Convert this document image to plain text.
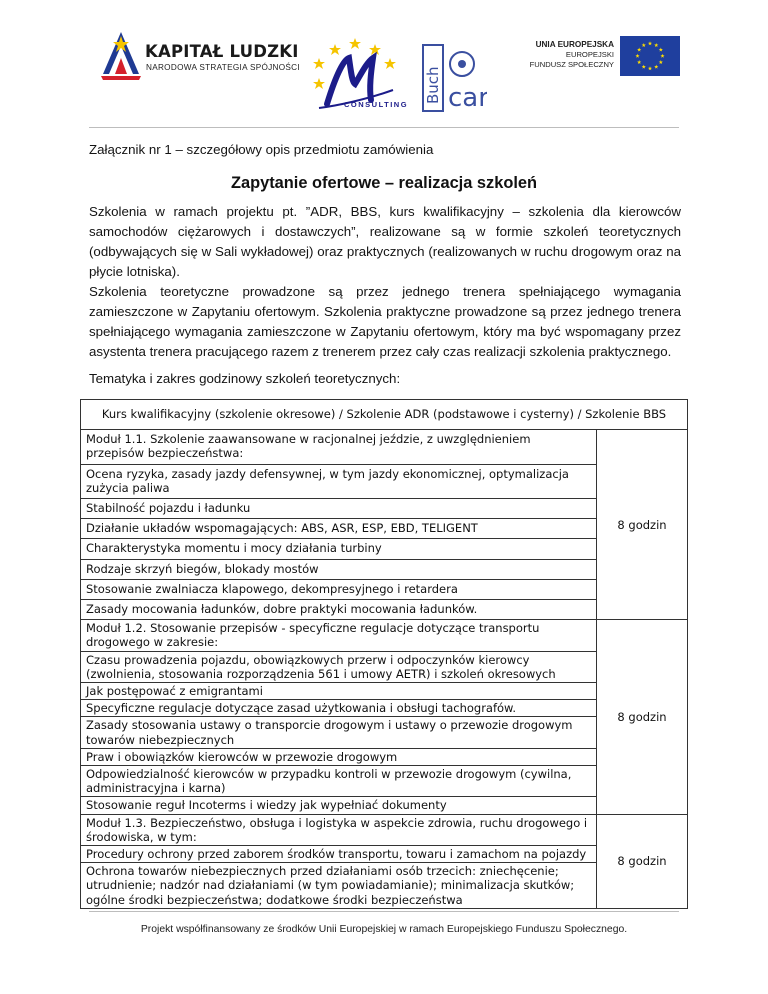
KAPITAŁ LUDZKI
NARODOWA STRATEGIA SPÓJNOŚCI
CONSULTING
Buch car
UNIA EUROPEJSKA
EUROPEJSKI
FUNDUSZ SPOŁECZNY
Załącznik nr 1 – szczegółowy opis przedmiotu zamówienia
Zapytanie ofertowe – realizacja szkoleń
Szkolenia w ramach projektu pt. ”ADR, BBS, kurs kwalifikacyjny – szkolenia dla kierowców samochodów ciężarowych i dostawczych”, realizowane są w formie szkoleń teoretycznych (odbywających się w Sali wykładowej) oraz praktycznych (realizowanych w ruchu drogowym oraz na płycie lotniska).
Szkolenia teoretyczne prowadzone są przez jednego trenera spełniającego wymagania zamieszczone w Zapytaniu ofertowym. Szkolenia praktyczne prowadzone są przez jednego trenera spełniającego wymagania zamieszczone w Zapytaniu ofertowym, który ma być wspomagany przez asystenta trenera pracującego razem z trenerem przez cały czas realizacji szkolenia praktycznego.
Tematyka i zakres godzinowy szkoleń teoretycznych:
Kurs kwalifikacyjny (szkolenie okresowe) / Szkolenie ADR (podstawowe i cysterny) / Szkolenie BBS	
Moduł 1.1. Szkolenie zaawansowane w racjonalnej jeździe, z uwzględnieniem przepisów bezpieczeństwa:	8 godzin
Ocena ryzyka, zasady jazdy defensywnej, w tym jazdy ekonomicznej, optymalizacja zużycia paliwa	
Stabilność pojazdu i ładunku	
Działanie układów wspomagających: ABS, ASR, ESP, EBD, TELIGENT	
Charakterystyka momentu i mocy działania turbiny	
Rodzaje skrzyń biegów, blokady mostów	
Stosowanie zwalniacza klapowego, dekompresyjnego i retardera	
Zasady mocowania ładunków, dobre praktyki mocowania ładunków.	
Moduł 1.2. Stosowanie przepisów - specyficzne regulacje dotyczące transportu drogowego w zakresie:	8 godzin
Czasu prowadzenia pojazdu, obowiązkowych przerw i odpoczynków kierowcy (zwolnienia, stosowania rozporządzenia 561 i umowy AETR) i szkoleń okresowych	
Jak postępować z emigrantami	
Specyficzne regulacje dotyczące zasad użytkowania i obsługi tachografów.	
Zasady stosowania ustawy o transporcie drogowym i ustawy o przewozie drogowym towarów niebezpiecznych	
Praw i obowiązków kierowców w przewozie drogowym	
Odpowiedzialność kierowców w przypadku kontroli w przewozie drogowym (cywilna, administracyjna i karna)	
Stosowanie reguł Incoterms i wiedzy jak wypełniać dokumenty	
Moduł 1.3. Bezpieczeństwo, obsługa i logistyka w aspekcie zdrowia, ruchu drogowego i środowiska, w tym:	8 godzin
Procedury ochrony przed zaborem środków transportu, towaru i zamachom na pojazdy	
Ochrona towarów niebezpiecznych przed działaniami osób trzecich: zniechęcenie; utrudnienie; nadzór nad działaniami (w tym powiadamianie); minimalizacja skutków; ogólne środki bezpieczeństwa; dodatkowe środki bezpieczeństwa	
Projekt współfinansowany ze środków Unii Europejskiej w ramach Europejskiego Funduszu Społecznego.
